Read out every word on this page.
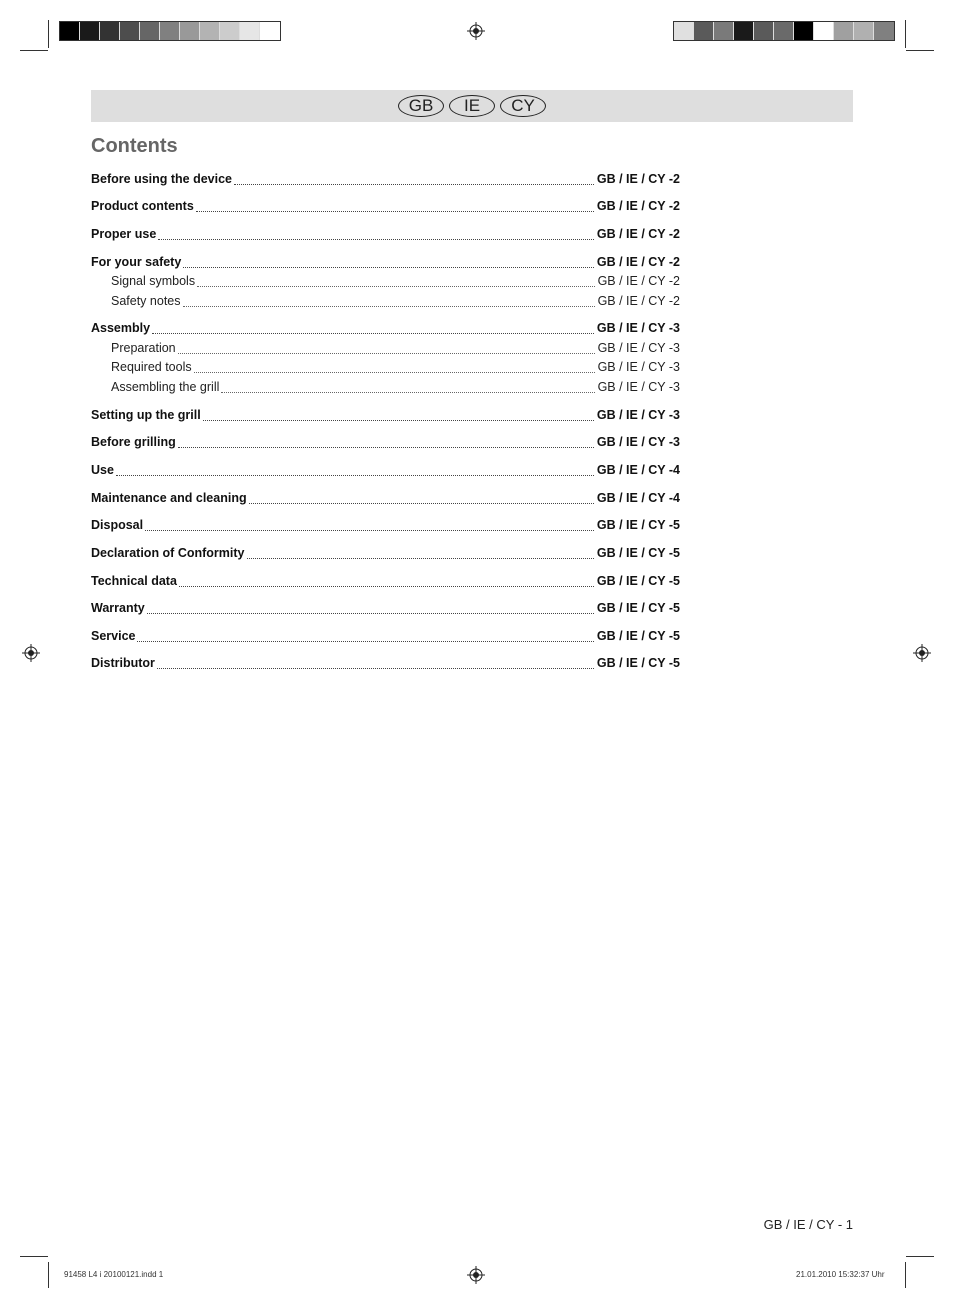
GB	IE	CY
Contents
Before using the device	GB / IE / CY -2
Product contents	GB / IE / CY -2
Proper use	GB / IE / CY -2
For your safety	GB / IE / CY -2
Signal symbols	GB / IE / CY -2
Safety notes	GB / IE / CY -2
Assembly	GB / IE / CY -3
Preparation	GB / IE / CY -3
Required tools	GB / IE / CY -3
Assembling the grill	GB / IE / CY -3
Setting up the grill	GB / IE / CY -3
Before grilling	GB / IE / CY -3
Use	GB / IE / CY -4
Maintenance and cleaning	GB / IE / CY -4
Disposal	GB / IE / CY -5
Declaration of Conformity	GB / IE / CY -5
Technical data	GB / IE / CY -5
Warranty	GB / IE / CY -5
Service	GB / IE / CY -5
Distributor	GB / IE / CY -5
GB / IE / CY - 1
91458 L4 i 20100121.indd 1	21.01.2010 15:32:37 Uhr
